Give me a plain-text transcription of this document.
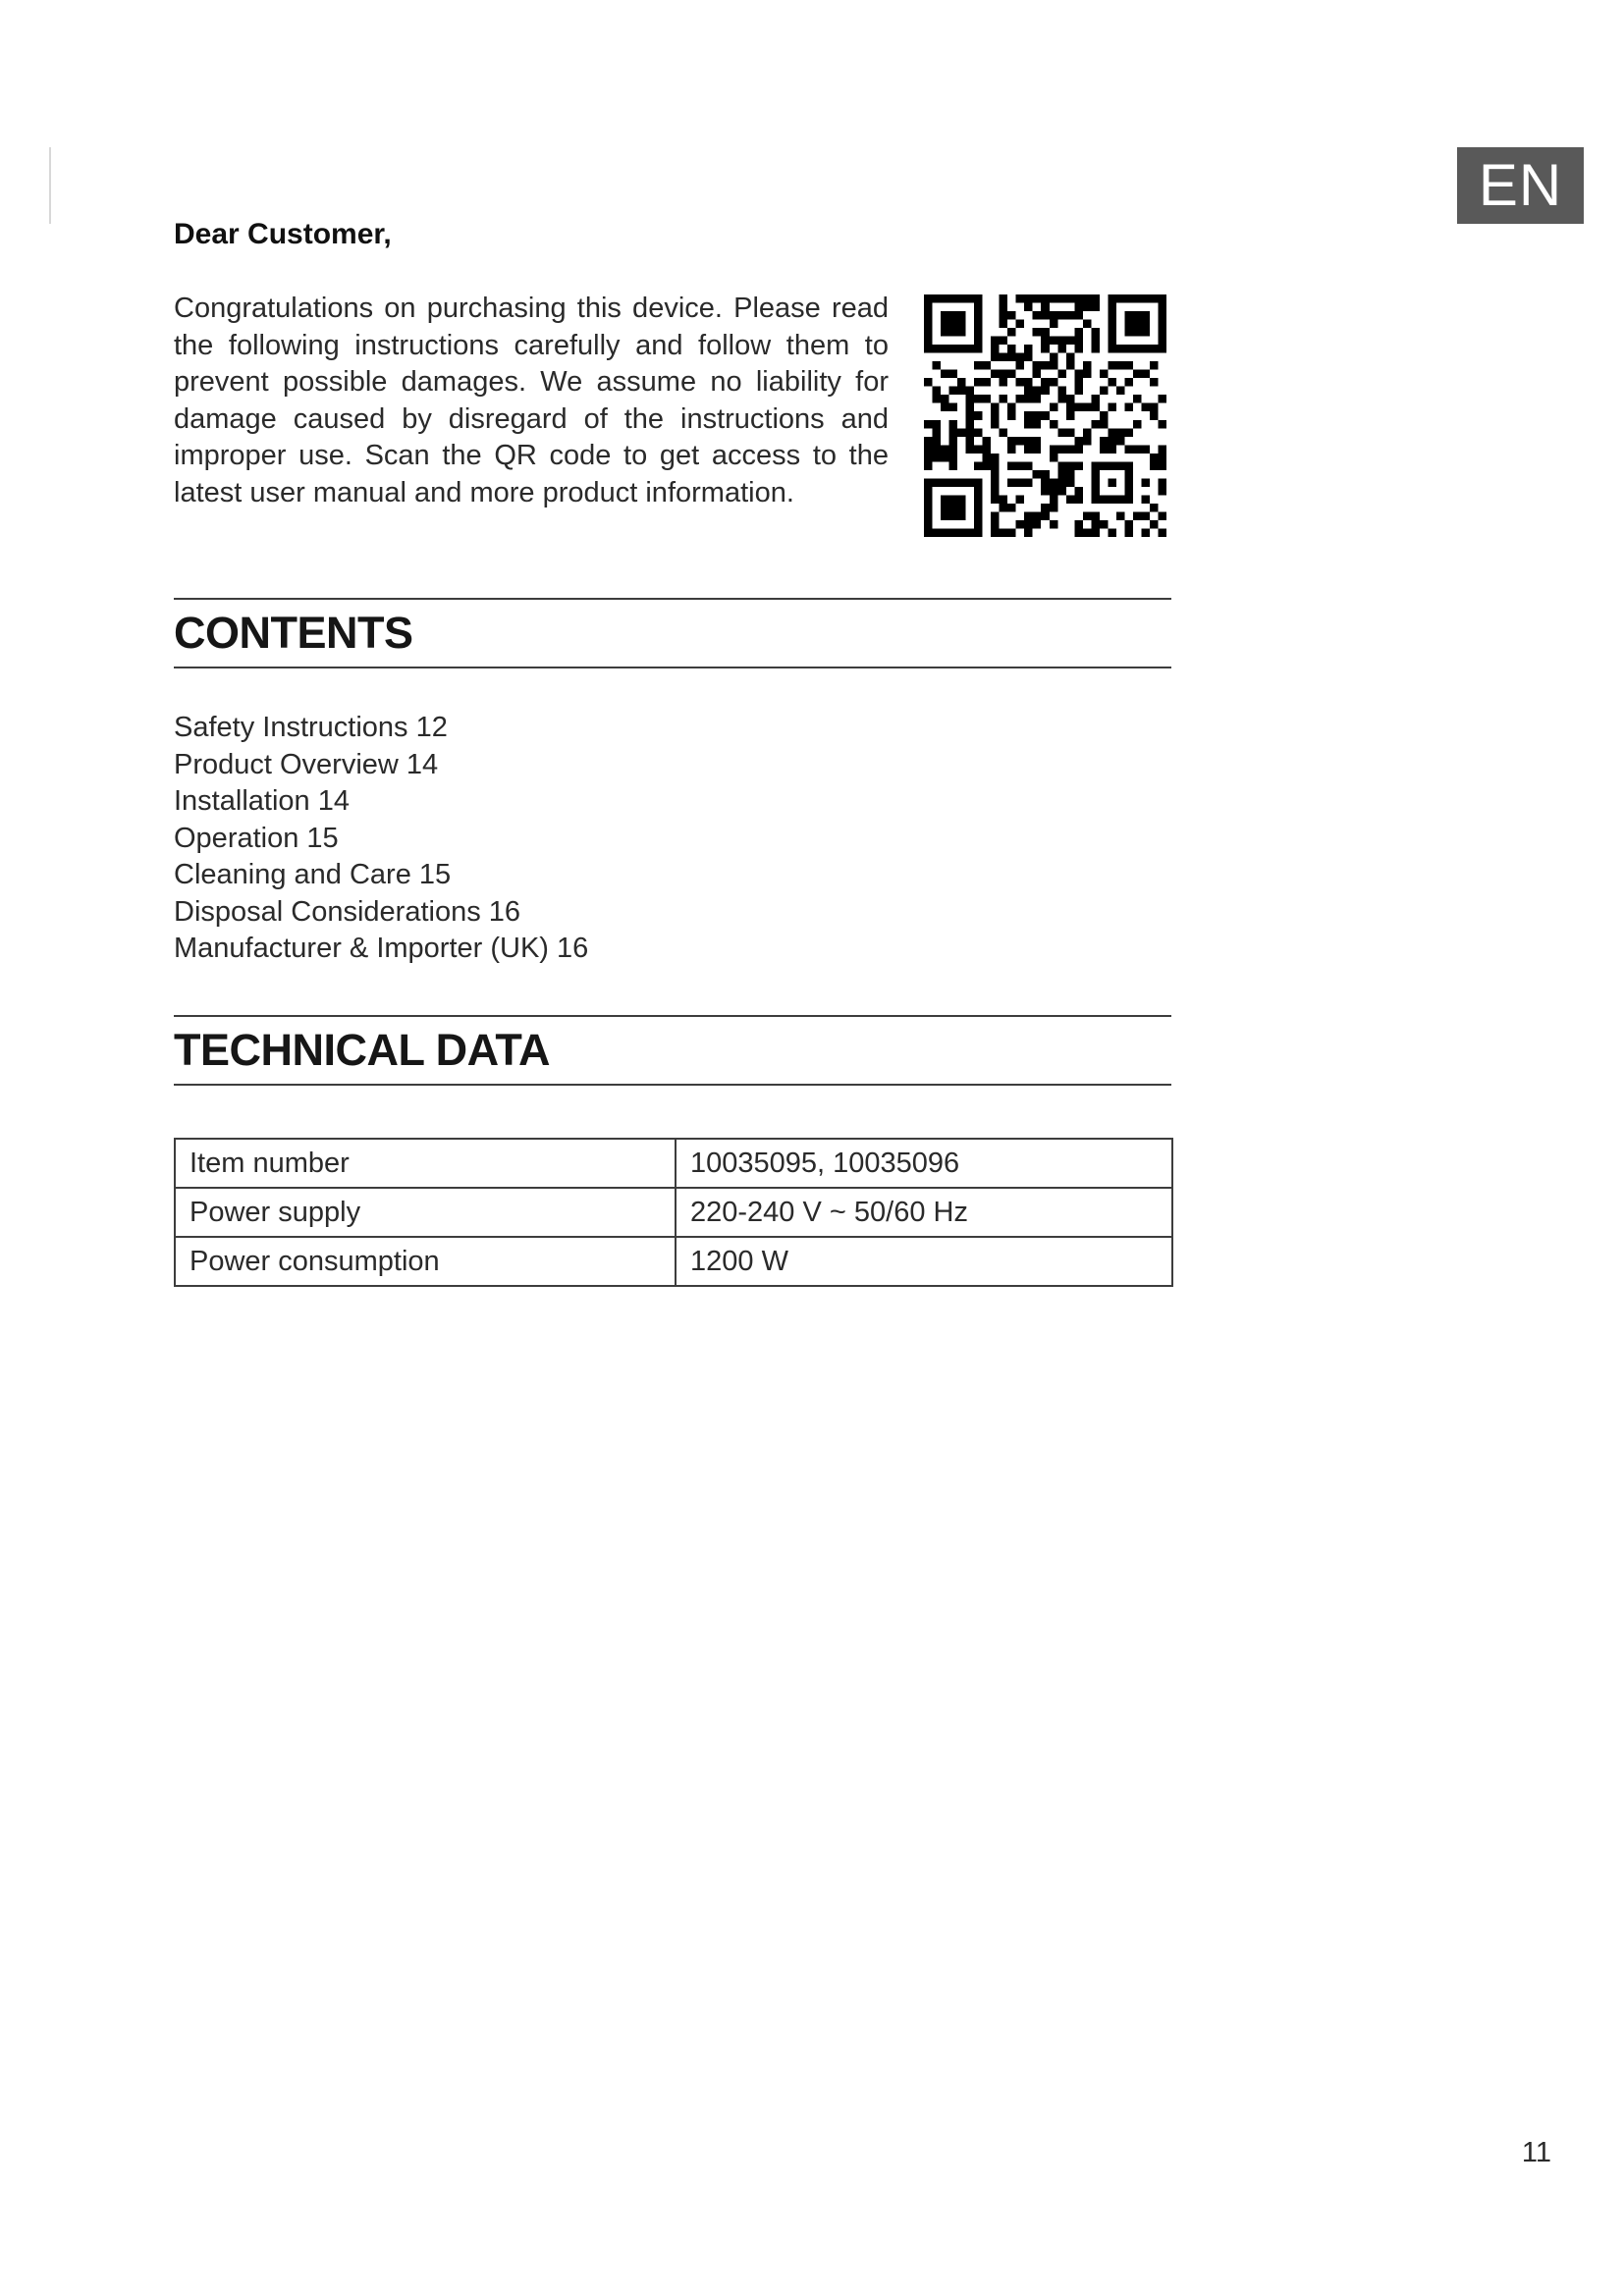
EN
Dear Customer,

Congratulations on purchasing this device. Please read the following instructions carefully and follow them to prevent possible damages. We assume no liability for damage caused by disregard of the instructions and improper use. Scan the QR code to get access to the latest user manual and more product information.

CONTENTS
Safety Instructions 12
Product Overview 14
Installation 14
Operation 15
Cleaning and Care 15
Disposal Considerations 16
Manufacturer & Importer (UK) 16
TECHNICAL DATA
Item number	10035095, 10035096
Power supply	220-240 V ~ 50/60 Hz
Power consumption	1200 W
11
